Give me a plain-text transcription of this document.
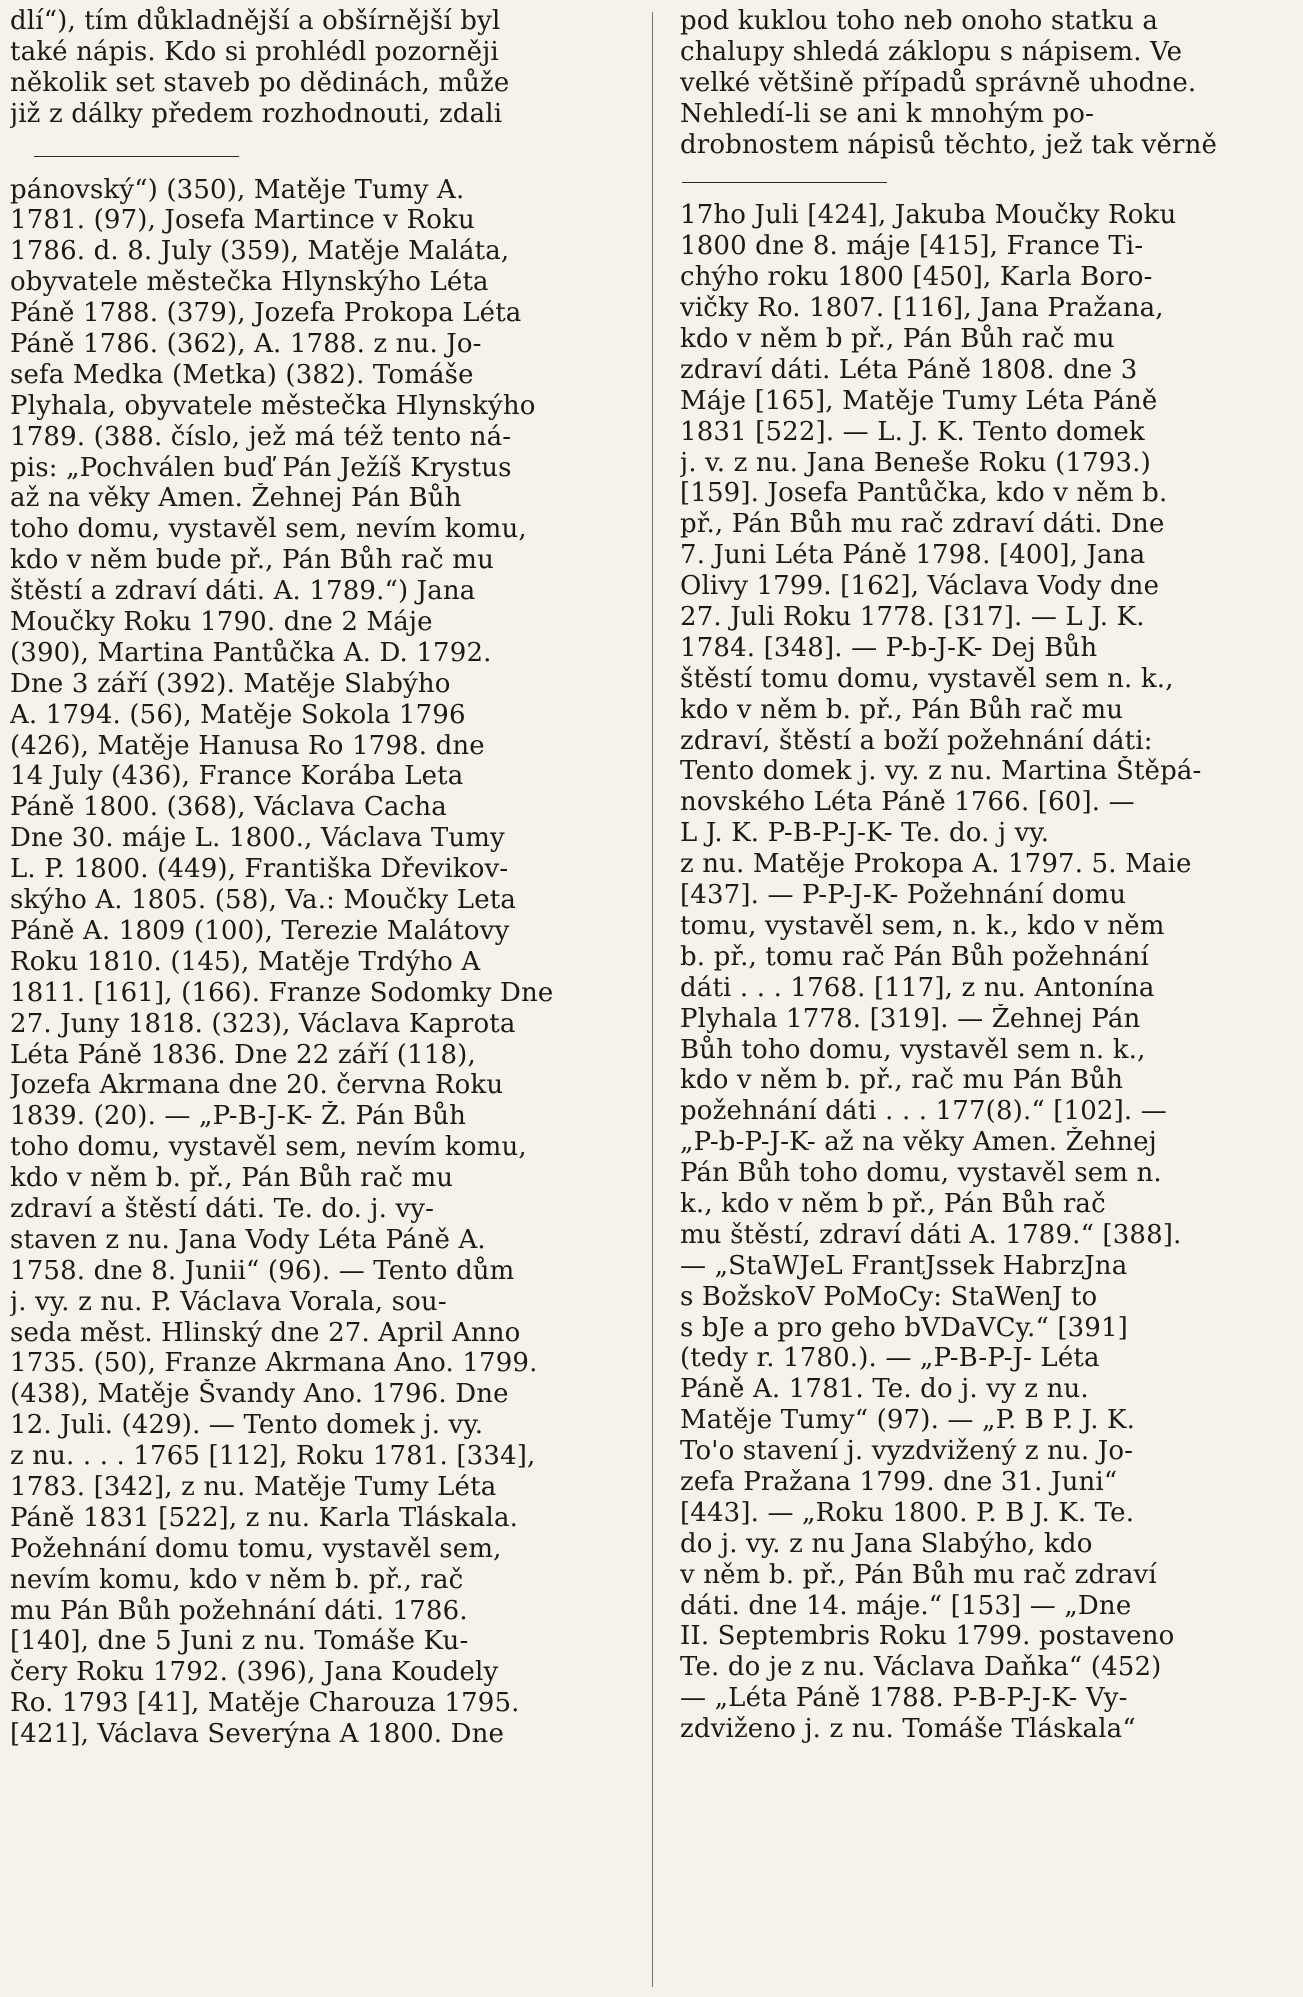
dlí“), tím důkladnější a obšírnější byl
také nápis. Kdo si prohlédl pozorněji
několik set staveb po dědinách, může
již z dálky předem rozhodnouti, zdali
pánovský“) (350), Matěje Tumy A.
1781. (97), Josefa Martince v Roku
1786. d. 8. July (359), Matěje Maláta,
obyvatele městečka Hlynskýho Léta
Páně 1788. (379), Jozefa Prokopa Léta
Páně 1786. (362), A. 1788. z nu. Jo-
sefa Medka (Metka) (382). Tomáše
Plyhala, obyvatele městečka Hlynskýho
1789. (388. číslo, jež má též tento ná-
pis: „Pochválen buď Pán Ježíš Krystus
až na věky Amen. Žehnej Pán Bůh
toho domu, vystavěl sem, nevím komu,
kdo v něm bude př., Pán Bůh rač mu
štěstí a zdraví dáti. A. 1789.“) Jana
Moučky Roku 1790. dne 2 Máje
(390), Martina Pantůčka A. D. 1792.
Dne 3 září (392). Matěje Slabýho
A. 1794. (56), Matěje Sokola 1796
(426), Matěje Hanusa Ro 1798. dne
14 July (436), France Korába Leta
Páně 1800. (368), Václava Cacha
Dne 30. máje L. 1800., Václava Tumy
L. P. 1800. (449), Františka Dřevikov-
skýho A. 1805. (58), Va.: Moučky Leta
Páně A. 1809 (100), Terezie Malátovy
Roku 1810. (145), Matěje Trdýho A
1811. [161], (166). Franze Sodomky Dne
27. Juny 1818. (323), Václava Kaprota
Léta Páně 1836. Dne 22 září (118),
Jozefa Akrmana dne 20. června Roku
1839. (20). — „P-B-J-K- Ž. Pán Bůh
toho domu, vystavěl sem, nevím komu,
kdo v něm b. př., Pán Bůh rač mu
zdraví a štěstí dáti. Te. do. j. vy-
staven z nu. Jana Vody Léta Páně A.
1758. dne 8. Junii“ (96). — Tento dům
j. vy. z nu. P. Václava Vorala, sou-
seda měst. Hlinský dne 27. April Anno
1735. (50), Franze Akrmana Ano. 1799.
(438), Matěje Švandy Ano. 1796. Dne
12. Juli. (429). — Tento domek j. vy.
z nu. . . . 1765 [112], Roku 1781. [334],
1783. [342], z nu. Matěje Tumy Léta
Páně 1831 [522], z nu. Karla Tláskala.
Požehnání domu tomu, vystavěl sem,
nevím komu, kdo v něm b. př., rač
mu Pán Bůh požehnání dáti. 1786.
[140], dne 5 Juni z nu. Tomáše Ku-
čery Roku 1792. (396), Jana Koudely
Ro. 1793 [41], Matěje Charouza 1795.
[421], Václava Severýna A 1800. Dne
pod kuklou toho neb onoho statku a
chalupy shledá záklopu s nápisem. Ve
velké většině případů správně uhodne.
Nehledí-li se ani k mnohým po-
drobnostem nápisů těchto, jež tak věrně
17ho Juli [424], Jakuba Moučky Roku
1800 dne 8. máje [415], France Ti-
chýho roku 1800 [450], Karla Boro-
vičky Ro. 1807. [116], Jana Pražana,
kdo v něm b př., Pán Bůh rač mu
zdraví dáti. Léta Páně 1808. dne 3
Máje [165], Matěje Tumy Léta Páně
1831 [522]. — L. J. K. Tento domek
j. v. z nu. Jana Beneše Roku (1793.)
[159]. Josefa Pantůčka, kdo v něm b.
př., Pán Bůh mu rač zdraví dáti. Dne
7. Juni Léta Páně 1798. [400], Jana
Olivy 1799. [162], Václava Vody dne
27. Juli Roku 1778. [317]. — L J. K.
1784. [348]. — P-b-J-K- Dej Bůh
štěstí tomu domu, vystavěl sem n. k.,
kdo v něm b. př., Pán Bůh rač mu
zdraví, štěstí a boží požehnání dáti:
Tento domek j. vy. z nu. Martina Štěpá-
novského Léta Páně 1766. [60]. —
L J. K. P-B-P-J-K- Te. do. j vy.
z nu. Matěje Prokopa A. 1797. 5. Maie
[437]. — P-P-J-K- Požehnání domu
tomu, vystavěl sem, n. k., kdo v něm
b. př., tomu rač Pán Bůh požehnání
dáti . . . 1768. [117], z nu. Antonína
Plyhala 1778. [319]. — Žehnej Pán
Bůh toho domu, vystavěl sem n. k.,
kdo v něm b. př., rač mu Pán Bůh
požehnání dáti . . . 177(8).“ [102]. —
„P-b-P-J-K- až na věky Amen. Žehnej
Pán Bůh toho domu, vystavěl sem n.
k., kdo v něm b př., Pán Bůh rač
mu štěstí, zdraví dáti A. 1789.“ [388].
— „StaWJeL FrantJssek HabrzJna
s BožskoV PoMoCy: StaWenJ to
s bJe a pro geho bVDaVCy.“ [391]
(tedy r. 1780.). — „P-B-P-J- Léta
Páně A. 1781. Te. do j. vy z nu.
Matěje Tumy“ (97). — „P. B P. J. K.
To'o stavení j. vyzdvižený z nu. Jo-
zefa Pražana 1799. dne 31. Juni“
[443]. — „Roku 1800. P. B J. K. Te.
do j. vy. z nu Jana Slabýho, kdo
v něm b. př., Pán Bůh mu rač zdraví
dáti. dne 14. máje.“ [153] — „Dne
II. Septembris Roku 1799. postaveno
Te. do je z nu. Václava Daňka“ (452)
— „Léta Páně 1788. P-B-P-J-K- Vy-
zdviženo j. z nu. Tomáše Tláskala“
